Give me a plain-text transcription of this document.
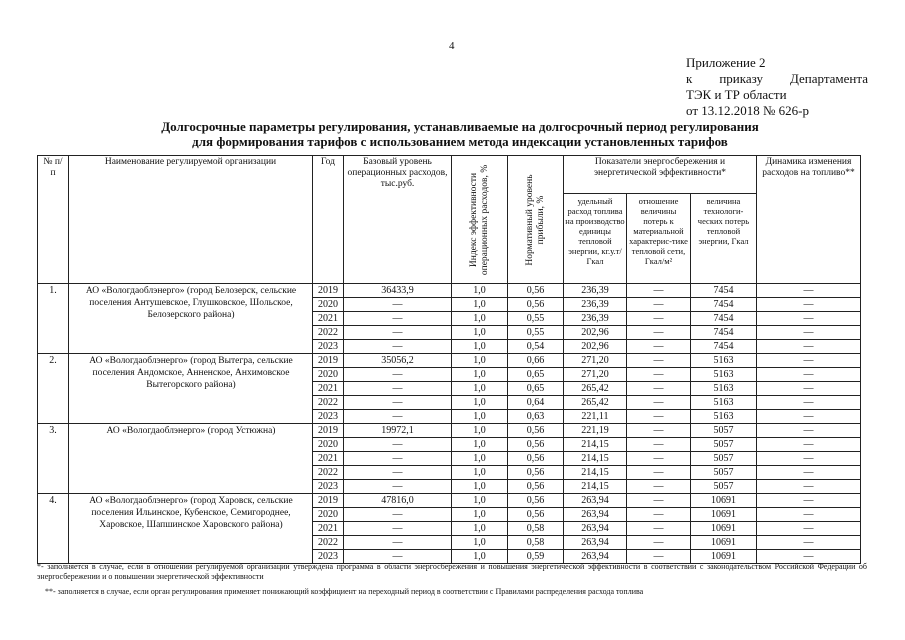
4
Приложение 2
к приказу Департамента
ТЭК и ТР области
от 13.12.2018 № 626-р
Долгосрочные параметры регулирования, устанавливаемые на долгосрочный период регулирования
для формирования тарифов с использованием метода индексации установленных тарифов
№ п/п	Наименование регулируемой организации	Год	Базовый уровень операционных расходов, тыс.руб.	Индекс эффективности операционных расходов, %	Нормативный уровень прибыли, %	Показатели энергосбережения и энергетической эффективности*			Динамика изменения расходов на топливо**
						удельный расход топлива на производство единицы тепловой энергии, кг.у.т/Гкал	отношение величины потерь к материальной характерис-тике тепловой сети, Гкал/м²	величина технологи-ческих потерь тепловой энергии, Гкал	
1.	АО «Вологдаоблэнерго» (город Белозерск, сельские поселения Антушевское, Глушковское, Шольское, Белозерского района)	2019	36433,9	1,0	0,56	236,39	—	7454	—
		2020	—	1,0	0,56	236,39	—	7454	—
		2021	—	1,0	0,55	236,39	—	7454	—
		2022	—	1,0	0,55	202,96	—	7454	—
		2023	—	1,0	0,54	202,96	—	7454	—
2.	АО «Вологдаоблэнерго» (город Вытегра, сельские поселения Андомское, Анненское, Анхимовское Вытегорского района)	2019	35056,2	1,0	0,66	271,20	—	5163	—
		2020	—	1,0	0,65	271,20	—	5163	—
		2021	—	1,0	0,65	265,42	—	5163	—
		2022	—	1,0	0,64	265,42	—	5163	—
		2023	—	1,0	0,63	221,11	—	5163	—
3.	АО «Вологдаоблэнерго» (город Устюжна)	2019	19972,1	1,0	0,56	221,19	—	5057	—
		2020	—	1,0	0,56	214,15	—	5057	—
		2021	—	1,0	0,56	214,15	—	5057	—
		2022	—	1,0	0,56	214,15	—	5057	—
		2023	—	1,0	0,56	214,15	—	5057	—
4.	АО «Вологдаоблэнерго» (город Харовск, сельские поселения Ильинское, Кубенское, Семигороднее, Харовское, Шапшинское Харовского района)	2019	47816,0	1,0	0,56	263,94	—	10691	—
		2020	—	1,0	0,56	263,94	—	10691	—
		2021	—	1,0	0,58	263,94	—	10691	—
		2022	—	1,0	0,58	263,94	—	10691	—
		2023	—	1,0	0,59	263,94	—	10691	—
*- заполняется в случае, если в отношении регулируемой организации утверждена программа в области энергосбережения и повышения энергетической эффективности в соответствии с законодательством Российской Федерации об энергосбережении и о повышении энергетической эффективности
**- заполняется в случае, если орган регулирования применяет понижающий коэффициент на переходный период в соответствии с Правилами распределения расхода топлива
